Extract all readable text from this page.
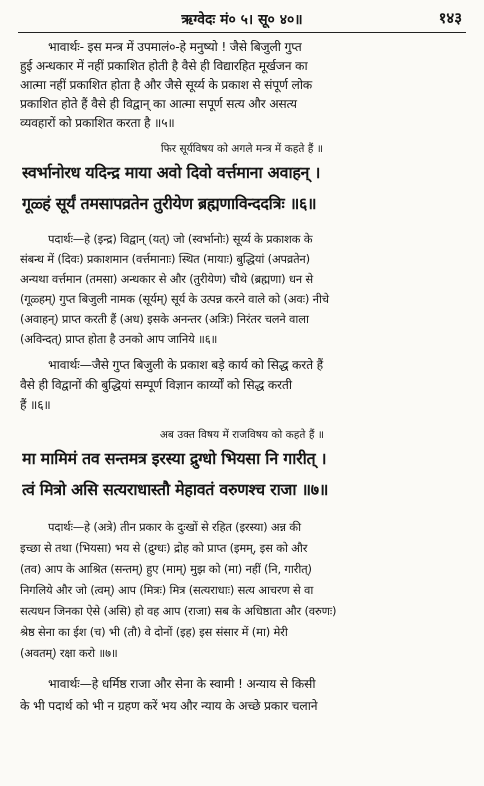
ऋग्वेदः मं० ५। सू० ४०॥	१४३
भावार्थः- इस मन्त्र में उपमालं०-हे मनुष्यो ! जैसे बिजुली गुप्त
हुई अन्धकार में नहीं प्रकाशित होती है वैसे ही विद्यारहित मूर्खजन का
आत्मा नहीं प्रकाशित होता है और जैसे सूर्य्य के प्रकाश से संपूर्ण लोक
प्रकाशित होते हैं वैसे ही विद्वान् का आत्मा सपूर्ण सत्य और असत्य
व्यवहारों को प्रकाशित करता है ॥५॥
फिर सूर्यविषय को अगले मन्त्र में कहते हैं ॥
स्वर्भानोरध यदिन्द्र माया अवो दिवो वर्त्तमाना अवाहन् ।
गूळ्हं सूर्यं तमसापव्रतेन तुरीयेण ब्रह्मणाविन्ददत्रिः ॥६॥
पदार्थः—हे (इन्द्र) विद्वान् (यत्) जो (स्वर्भानोः) सूर्य्य के प्रकाशक के
संबन्ध में (दिवः) प्रकाशमान (वर्त्तमानाः) स्थित (मायाः) बुद्धियां (अपव्रतेन)
अन्यथा वर्त्तमान (तमसा) अन्धकार से और (तुरीयेण) चौथे (ब्रह्मणा) धन से
(गूळ्हम्) गुप्त बिजुली नामक (सूर्यम्) सूर्य के उत्पन्न करने वाले को (अवः) नीचे
(अवाहन्) प्राप्त करती हैं (अध) इसके अनन्तर (अत्रिः) निरंतर चलने वाला
(अविन्दत्) प्राप्त होता है उनको आप जानिये ॥६॥
भावार्थः—जैसे गुप्त बिजुली के प्रकाश बड़े कार्य को सिद्ध करते हैं
वैसे ही विद्वानों की बुद्धियां सम्पूर्ण विज्ञान कार्य्यों को सिद्ध करती
हैं ॥६॥
अब उक्त विषय में राजविषय को कहते हैं ॥
मा मामिमं तव सन्तमत्र इरस्या द्रुग्धो भियसा नि गारीत् ।
त्वं मित्रो असि सत्यराधास्तौ मेहावतं वरुणश्च राजा ॥७॥
पदार्थः—हे (अत्रे) तीन प्रकार के दुःखों से रहित (इरस्या) अन्न की
इच्छा से तथा (भियसा) भय से (द्रुग्धः) द्रोह को प्राप्त (इमम्, इस को और
(तव) आप के आश्रित (सन्तम्) हुए (माम्) मुझ को (मा) नहीं (नि, गारीत्)
निगलिये और जो (त्वम्) आप (मित्रः) मित्र (सत्यराधाः) सत्य आचरण से वा
सत्यधन जिनका ऐसे (असि) हो वह आप (राजा) सब के अधिष्ठाता और (वरुणः)
श्रेष्ठ सेना का ईश (च) भी (तौ) वे दोनों (इह) इस संसार में (मा) मेरी
(अवतम्) रक्षा करो ॥७॥
भावार्थः—हे धर्मिष्ठ राजा और सेना के स्वामी ! अन्याय से किसी
के भी पदार्थ को भी न ग्रहण करें भय और न्याय के अच्छे प्रकार चलाने
